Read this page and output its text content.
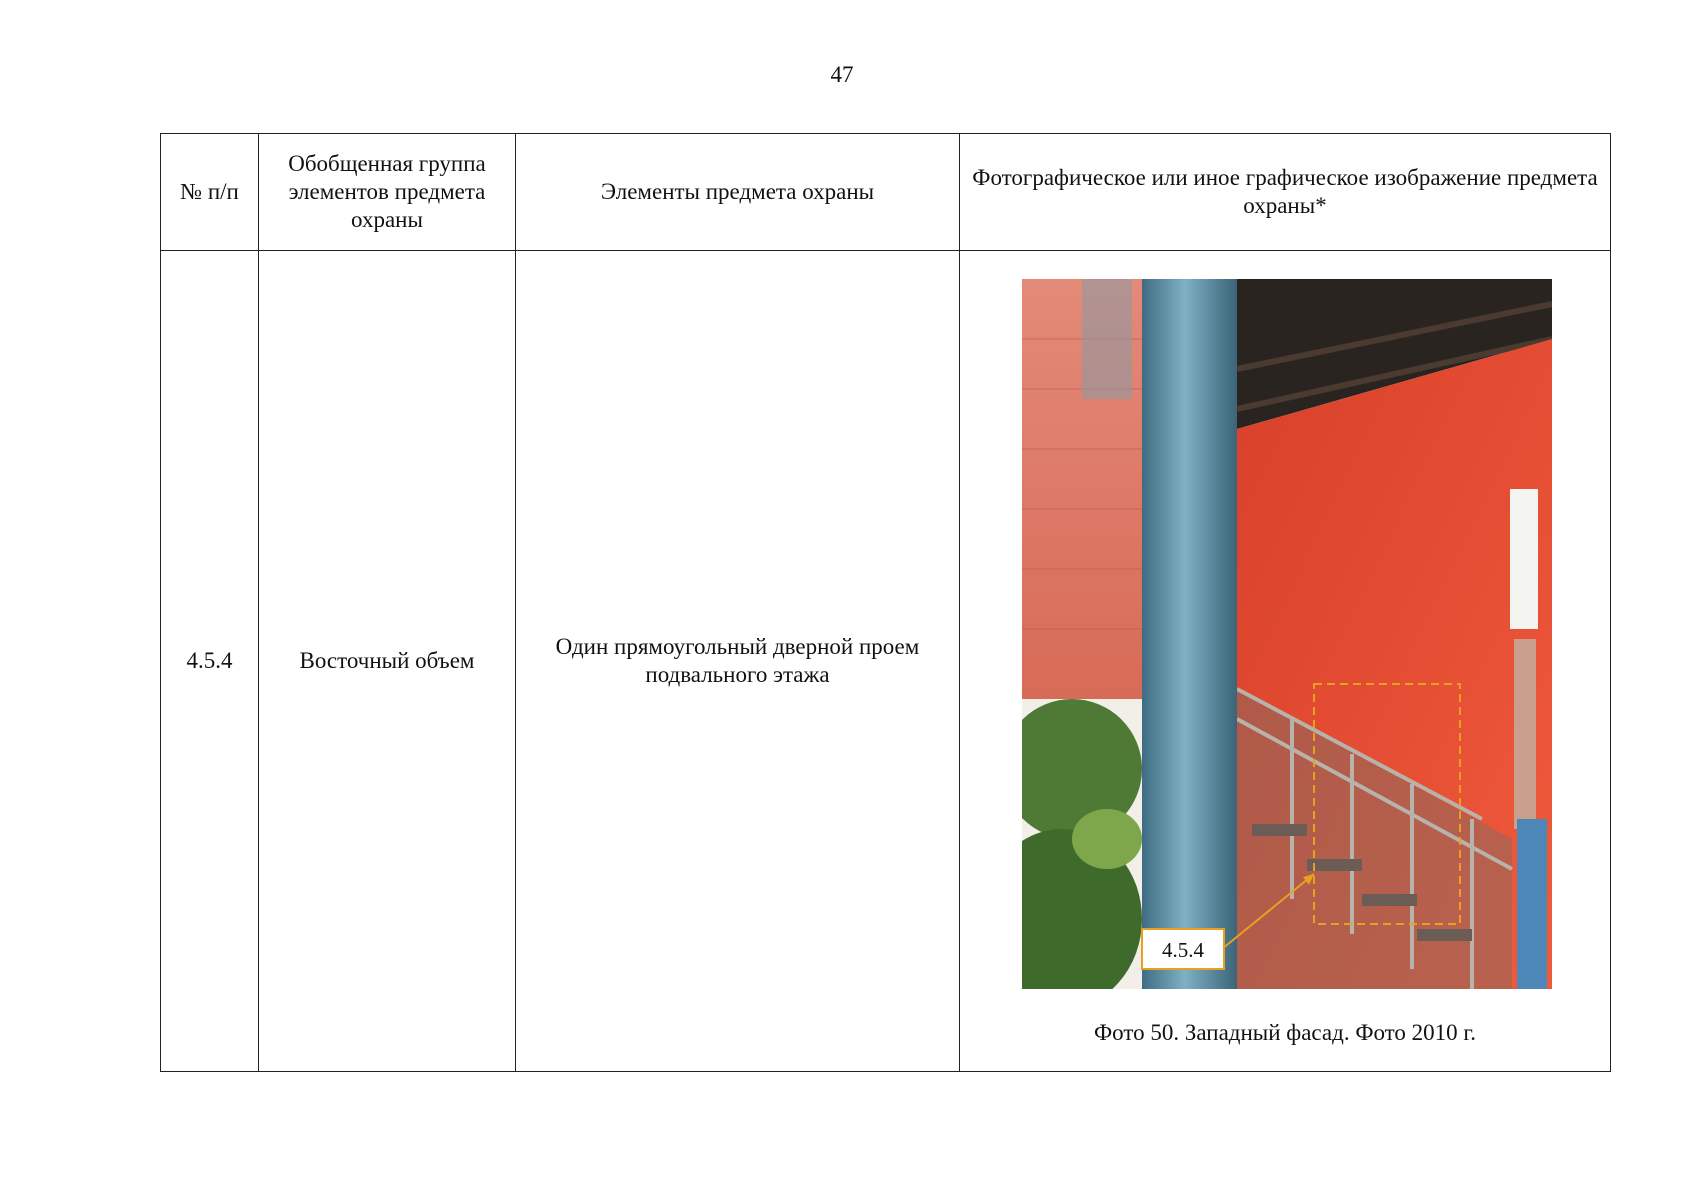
47
№ п/п	Обобщенная группа элементов предмета охраны	Элементы предмета охраны	Фотографическое или иное графическое изображение предмета охраны*
4.5.4	Восточный объем	Один прямоугольный дверной проем подвального этажа	4.5.4
Фото 50. Западный фасад. Фото 2010 г.
